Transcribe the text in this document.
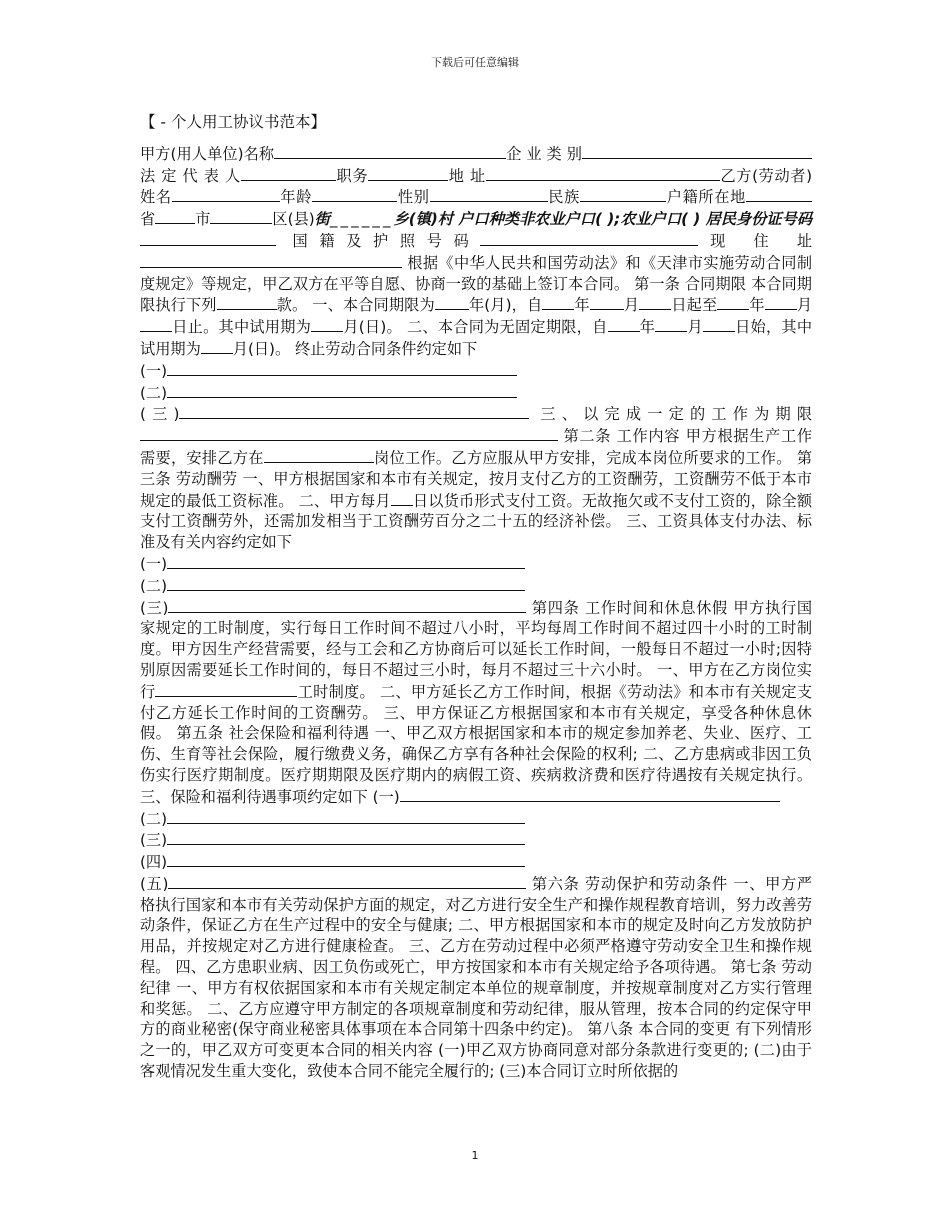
下载后可任意编辑
【 - 个人用工协议书范本】

甲方(用人单位)名称	企 业 类 别法 定 代 表 人	职务	地 址	乙方(劳动者)姓名	年龄	性别	民族	户籍所在地省	市	区(县)街______乡(镇)村 户口种类非农业户口( );农业户口( ) 居民身份证号码 国籍及护照号码	现 住 址 根据《中华人民共和国劳动法》和《天津市实施劳动合同制度规定》等规定，甲乙双方在平等自愿、协商一致的基础上签订本合同。 第一条 合同期限 本合同期限执行下列	款。 一、本合同期限为 年(月)，自 年 月 日起至 年 月日止。其中试用期为 月(日)。 二、本合同为无固定期限，自 年 月 日始，其中试用期为 月(日)。 终止劳动合同条件约定如下
(一)
(二)
(三)	三、以完成一定的工作为期限  第二条 工作内容 甲方根据生产工作需要，安排乙方在	岗位工作。乙方应服从甲方安排，完成本岗位所要求的工作。 第三条 劳动酬劳 一、甲方根据国家和本市有关规定，按月支付乙方的工资酬劳，工资酬劳不低于本市规定的最低工资标准。 二、甲方每月 日以货币形式支付工资。无故拖欠或不支付工资的，除全额支付工资酬劳外，还需加发相当于工资酬劳百分之二十五的经济补偿。 三、工资具体支付办法、标准及有关内容约定如下
(一)
(二)
(三)	第四条 工作时间和休息休假 甲方执行国家规定的工时制度，实行每日工作时间不超过八小时，平均每周工作时间不超过四十小时的工时制度。甲方因生产经营需要，经与工会和乙方协商后可以延长工作时间，一般每日不超过一小时;因特别原因需要延长工作时间的，每日不超过三小时，每月不超过三十六小时。 一、甲方在乙方岗位实行	工时制度。 二、甲方延长乙方工作时间，根据《劳动法》和本市有关规定支付乙方延长工作时间的工资酬劳。 三、甲方保证乙方根据国家和本市有关规定，享受各种休息休假。 第五条 社会保险和福利待遇 一、甲乙双方根据国家和本市的规定参加养老、失业、医疗、工伤、生育等社会保险，履行缴费义务，确保乙方享有各种社会保险的权利; 二、乙方患病或非因工负伤实行医疗期制度。医疗期期限及医疗期内的病假工资、疾病救济费和医疗待遇按有关规定执行。 三、保险和福利待遇事项约定如下 (一)
(二)
(三)
(四)
(五)	第六条 劳动保护和劳动条件 一、甲方严格执行国家和本市有关劳动保护方面的规定，对乙方进行安全生产和操作规程教育培训，努力改善劳动条件，保证乙方在生产过程中的安全与健康; 二、甲方根据国家和本市的规定及时向乙方发放防护用品，并按规定对乙方进行健康检查。 三、乙方在劳动过程中必须严格遵守劳动安全卫生和操作规程。 四、乙方患职业病、因工负伤或死亡，甲方按国家和本市有关规定给予各项待遇。 第七条 劳动纪律 一、甲方有权依据国家和本市有关规定制定本单位的规章制度，并按规章制度对乙方实行管理和奖惩。 二、乙方应遵守甲方制定的各项规章制度和劳动纪律，服从管理，按本合同的约定保守甲方的商业秘密(保守商业秘密具体事项在本合同第十四条中约定)。 第八条 本合同的变更 有下列情形之一的，甲乙双方可变更本合同的相关内容 (一)甲乙双方协商同意对部分条款进行变更的; (二)由于客观情况发生重大变化，致使本合同不能完全履行的; (三)本合同订立时所依据的

1
